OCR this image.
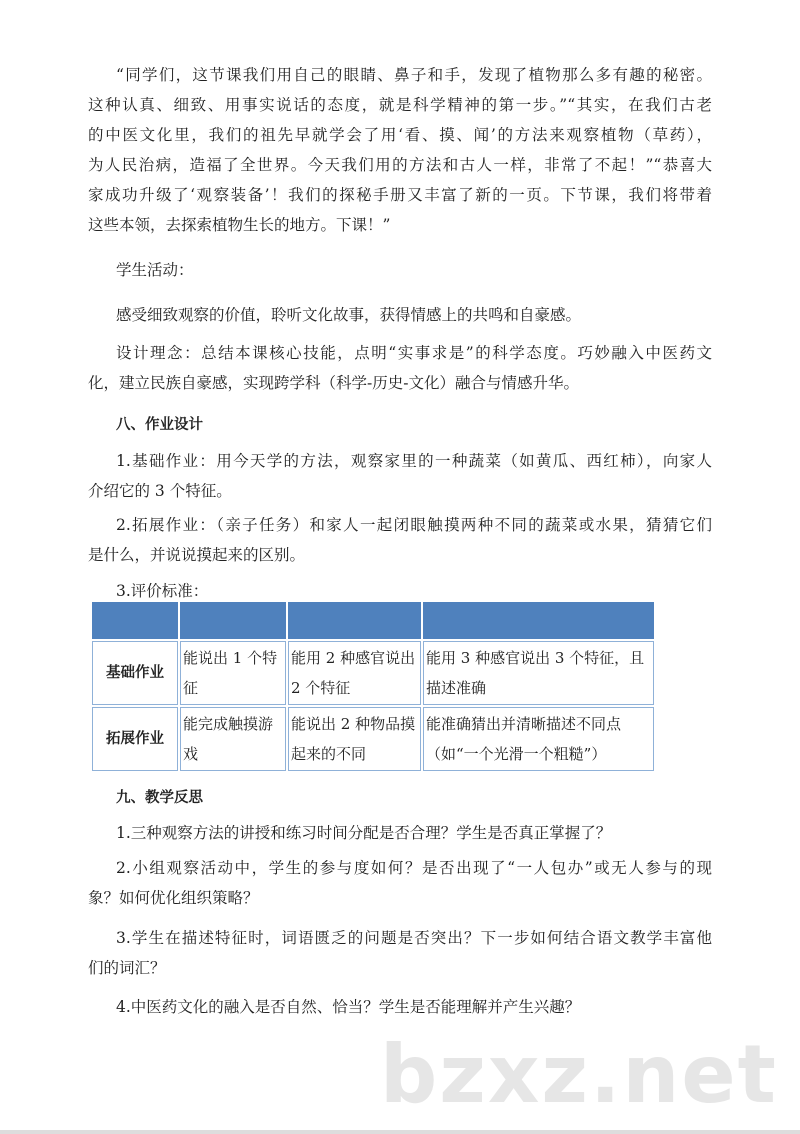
“同学们，这节课我们用自己的眼睛、鼻子和手，发现了植物那么多有趣的秘密。
这种认真、细致、用事实说话的态度，就是科学精神的第一步。”“其实，在我们古老
的中医文化里，我们的祖先早就学会了用‘看、摸、闻’的方法来观察植物（草药），
为人民治病，造福了全世界。今天我们用的方法和古人一样，非常了不起！”“恭喜大
家成功升级了‘观察装备’！我们的探秘手册又丰富了新的一页。下节课，我们将带着
这些本领，去探索植物生长的地方。下课！”
学生活动：
感受细致观察的价值，聆听文化故事，获得情感上的共鸣和自豪感。
设计理念：总结本课核心技能，点明“实事求是”的科学态度。巧妙融入中医药文
化，建立民族自豪感，实现跨学科（科学-历史-文化）融合与情感升华。
八、作业设计
1.基础作业：用今天学的方法，观察家里的一种蔬菜（如黄瓜、西红柿），向家人
介绍它的 3 个特征。
2.拓展作业：（亲子任务）和家人一起闭眼触摸两种不同的蔬菜或水果，猜猜它们
是什么，并说说摸起来的区别。
3.评价标准：

基础作业	能说出 1 个特征	能用 2 种感官说出 2 个特征	能用 3 种感官说出 3 个特征，且描述准确
拓展作业	能完成触摸游戏	能说出 2 种物品摸起来的不同	能准确猜出并清晰描述不同点（如“一个光滑一个粗糙”）
九、教学反思
1.三种观察方法的讲授和练习时间分配是否合理？学生是否真正掌握了？
2.小组观察活动中，学生的参与度如何？是否出现了“一人包办”或无人参与的现
象？如何优化组织策略？
3.学生在描述特征时，词语匮乏的问题是否突出？下一步如何结合语文教学丰富他
们的词汇？
4.中医药文化的融入是否自然、恰当？学生是否能理解并产生兴趣？
bzxz.net
